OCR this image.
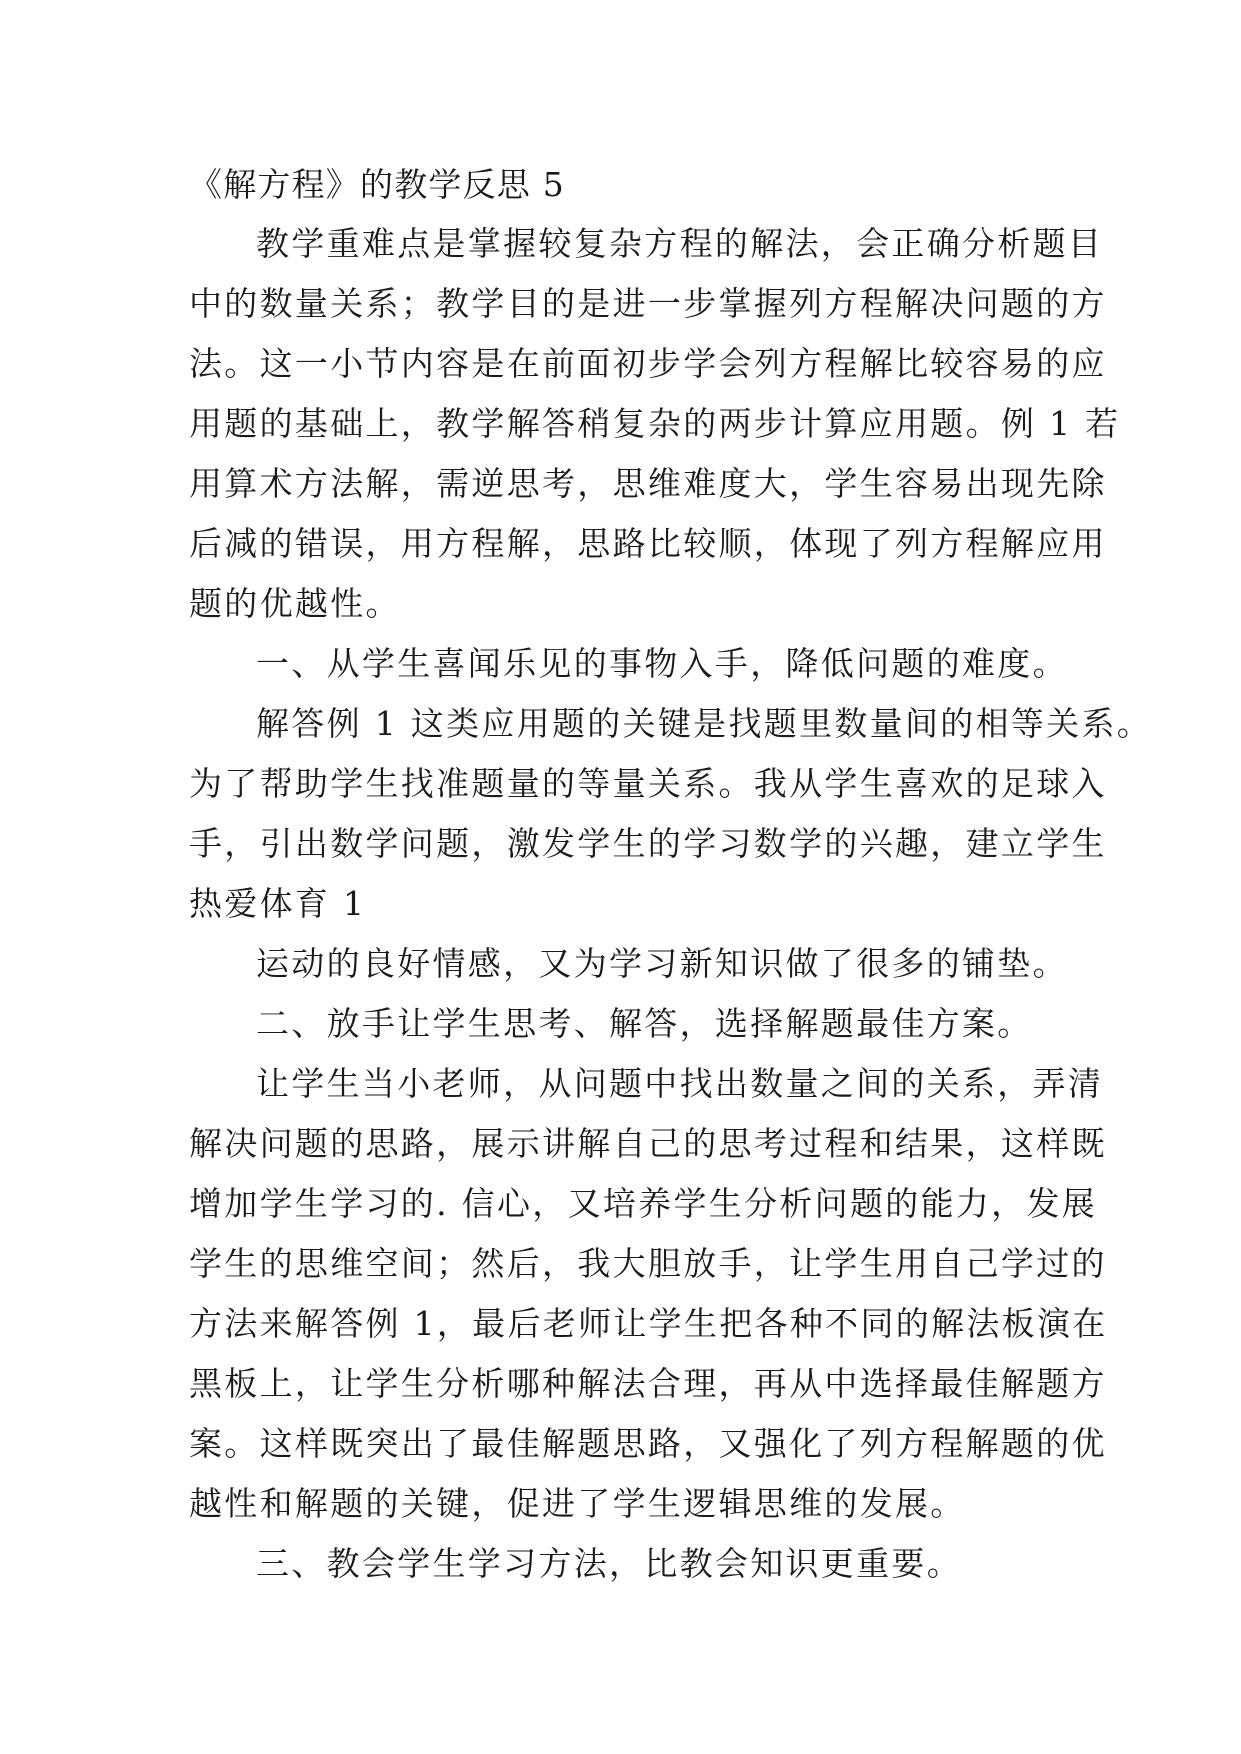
《解方程》的教学反思 5
教学重难点是掌握较复杂方程的解法，会正确分析题目
中的数量关系；教学目的是进一步掌握列方程解决问题的方
法。这一小节内容是在前面初步学会列方程解比较容易的应
用题的基础上，教学解答稍复杂的两步计算应用题。例 1 若
用算术方法解，需逆思考，思维难度大，学生容易出现先除
后减的错误，用方程解，思路比较顺，体现了列方程解应用
题的优越性。
一、从学生喜闻乐见的事物入手，降低问题的难度。
解答例 1 这类应用题的关键是找题里数量间的相等关系。
为了帮助学生找准题量的等量关系。我从学生喜欢的足球入
手，引出数学问题，激发学生的学习数学的兴趣，建立学生
热爱体育 1
运动的良好情感，又为学习新知识做了很多的铺垫。
二、放手让学生思考、解答，选择解题最佳方案。
让学生当小老师，从问题中找出数量之间的关系，弄清
解决问题的思路，展示讲解自己的思考过程和结果，这样既
增加学生学习的. 信心，又培养学生分析问题的能力，发展
学生的思维空间；然后，我大胆放手，让学生用自己学过的
方法来解答例 1，最后老师让学生把各种不同的解法板演在
黑板上，让学生分析哪种解法合理，再从中选择最佳解题方
案。这样既突出了最佳解题思路，又强化了列方程解题的优
越性和解题的关键，促进了学生逻辑思维的发展。
三、教会学生学习方法，比教会知识更重要。
